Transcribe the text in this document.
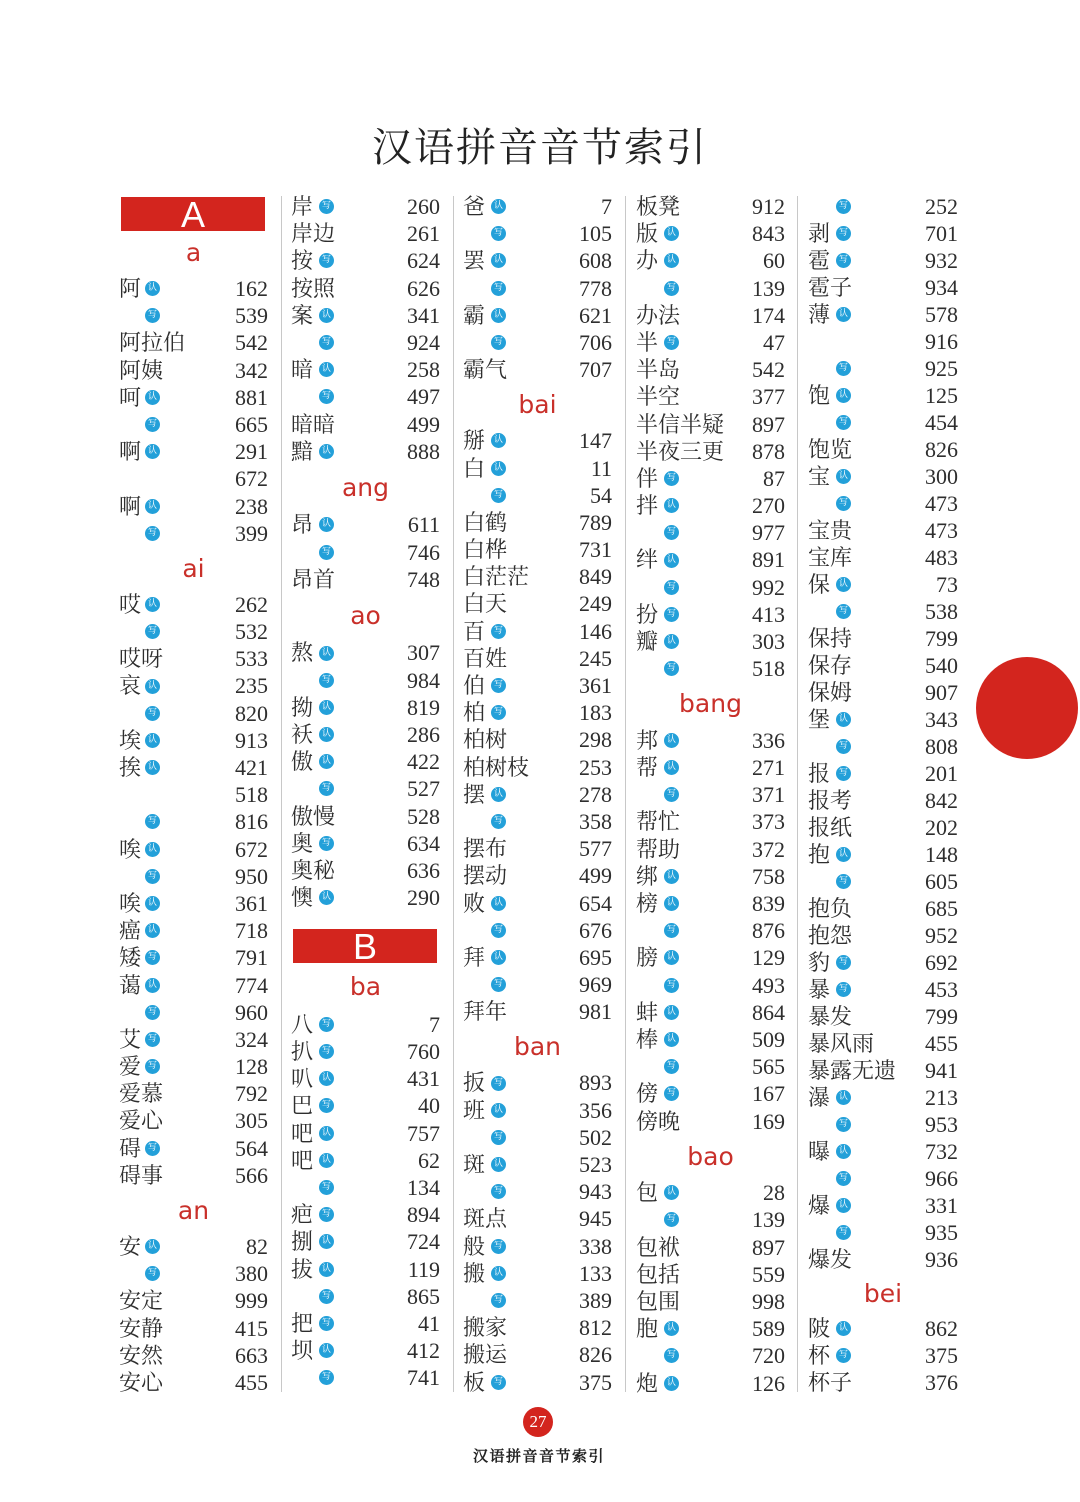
汉语拼音音节索引
A
a
阿 认	162
写	539
阿拉伯 542
阿姨	342
呵 认	881
写	665
啊 认	291
672
啊 认	238
写	399
ai
哎 认	262
写	532
哎呀	533
哀 认	235
写	820
埃 认	913
挨 认	421
518
写	816
唉 认	672
写	950
唉 认	361
癌 认	718
矮 写	791
蔼 认	774
写	960
艾 写	324
爱 写	128
爱慕	792
爱心	305
碍 写	564
碍事	566
an
安 认	82
写	380
安定	999
安静	415
安然	663
安心	455
岸 写	260
岸边	261
按 写	624
按照	626
案 认	341
写	924
暗 认	258
写	497
暗暗	499
黯 认	888
ang
昂 认	611
写	746
昂首	748
ao
熬 认	307
写	984
拗 认	819
袄 认	286
傲 认	422
写	527
傲慢	528
奥 写	634
奥秘	636
懊 认	290
B
ba
八 写	7
扒 写	760
叭 认	431
巴 写	40
吧 认	757
吧 认	62
写	134
疤 写	894
捌 认	724
拔 认	119
写	865
把 写	41
坝 认	412
写	741
爸 认	7
写	105
罢 认	608
写	778
霸 认	621
写	706
霸气	707
bai
掰 认	147
白 认	11
写	54
白鹤	789
白桦	731
白茫茫 849
白天	249
百 写	146
百姓	245
伯 写	361
柏 写	183
柏树	298
柏树枝 253
摆 认	278
写	358
摆布	577
摆动	499
败 认	654
写	676
拜 认	695
写	969
拜年	981
ban
扳 写	893
班 认	356
写	502
斑 认	523
写	943
斑点	945
般 写	338
搬 认	133
写	389
搬家	812
搬运	826
板 写	375
板凳	912
版 认	843
办 认	60
写	139
办法	174
半 写	47
半岛	542
半空	377
半信半疑 897
半夜三更 878
伴 写	87
拌 认	270
写	977
绊 认	891
写	992
扮 写	413
瓣 认	303
写	518
bang
邦 认	336
帮 认	271
写	371
帮忙	373
帮助	372
绑 认	758
榜 认	839
写	876
膀 认	129
写	493
蚌 认	864
棒 认	509
写	565
傍 写	167
傍晚	169
bao
包 认	28
写	139
包袱	897
包括	559
包围	998
胞 认	589
写	720
炮 认	126
写	252
剥 写	701
雹 写	932
雹子	934
薄 认	578
916
写	925
饱 认	125
写	454
饱览	826
宝 认	300
写	473
宝贵	473
宝库	483
保 认	73
写	538
保持	799
保存	540
保姆	907
堡 认	343
写	808
报 写	201
报考	842
报纸	202
抱 认	148
写	605
抱负	685
抱怨	952
豹 写	692
暴 写	453
暴发	799
暴风雨 455
暴露无遗 941
瀑 认	213
写	953
曝 认	732
写	966
爆 认	331
写	935
爆发	936
bei
陂 认	862
杯 写	375
杯子	376
27
汉语拼音音节索引
